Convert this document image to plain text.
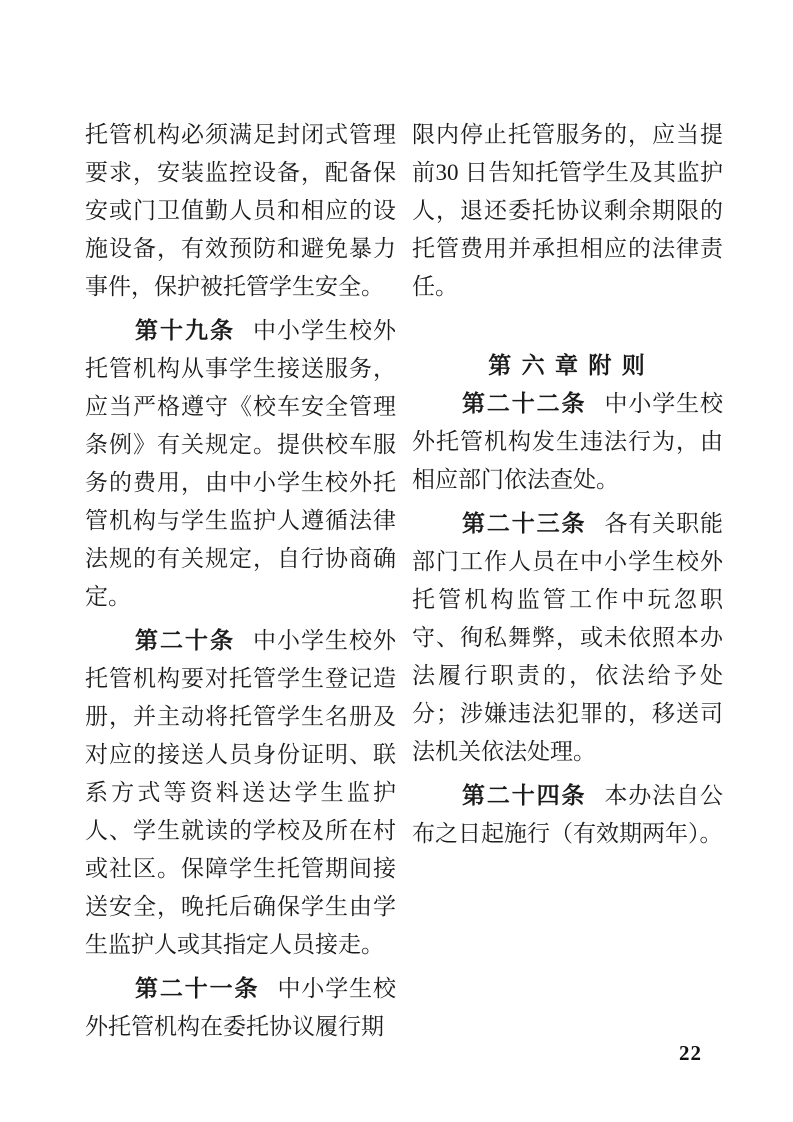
托管机构必须满足封闭式管理要求，安装监控设备，配备保安或门卫值勤人员和相应的设施设备，有效预防和避免暴力事件，保护被托管学生安全。

第十九条 中小学生校外托管机构从事学生接送服务，应当严格遵守《校车安全管理条例》有关规定。提供校车服务的费用，由中小学生校外托管机构与学生监护人遵循法律法规的有关规定，自行协商确定。

第二十条 中小学生校外托管机构要对托管学生登记造册，并主动将托管学生名册及对应的接送人员身份证明、联系方式等资料送达学生监护人、学生就读的学校及所在村或社区。保障学生托管期间接送安全，晚托后确保学生由学生监护人或其指定人员接走。

第二十一条 中小学生校外托管机构在委托协议履行期

限内停止托管服务的，应当提前30 日告知托管学生及其监护人，退还委托协议剩余期限的托管费用并承担相应的法律责任。

第 六 章 附 则

第二十二条 中小学生校外托管机构发生违法行为，由相应部门依法查处。

第二十三条 各有关职能部门工作人员在中小学生校外托管机构监管工作中玩忽职守、徇私舞弊，或未依照本办法履行职责的，依法给予处分；涉嫌违法犯罪的，移送司法机关依法处理。

第二十四条 本办法自公布之日起施行（有效期两年）。

22
